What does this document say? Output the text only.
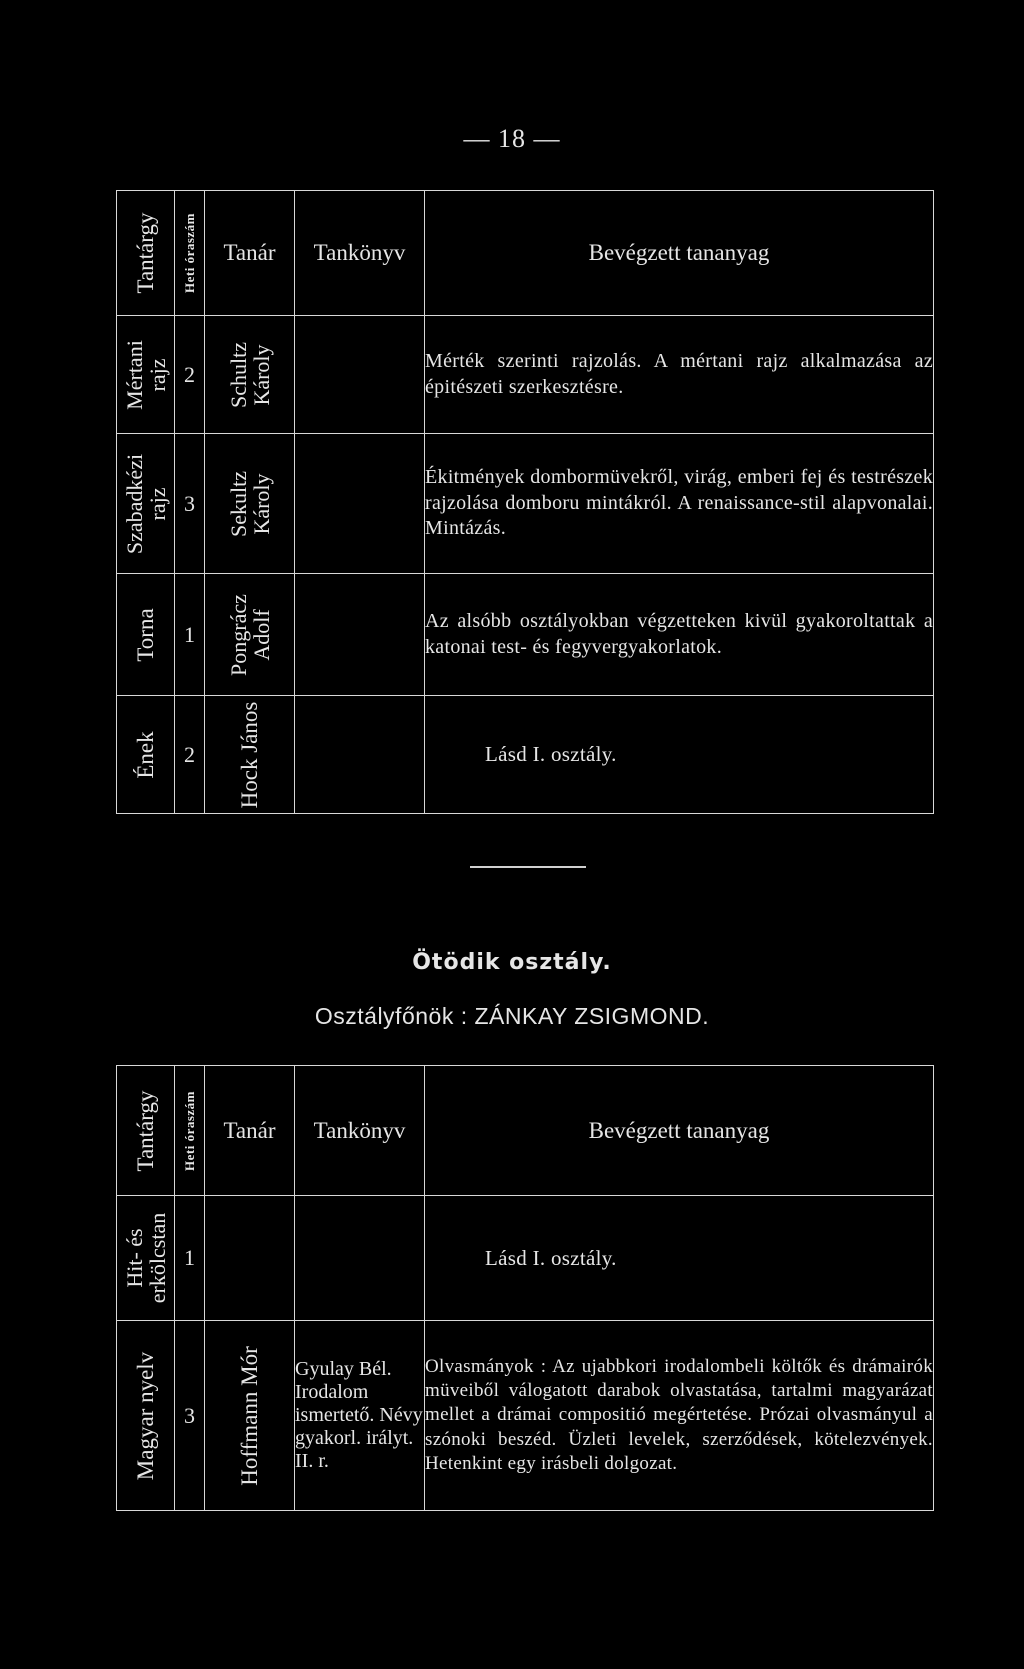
— 18 —
Tantárgy	Heti óraszám	Tanár	Tankönyv	Bevégzett tananyag

Mértani rajz	2	Schultz Károly		Mérték szerinti rajzolás. A mértani rajz alkalmazása az épitészeti szerkesztésre.

Szabadkézi rajz	3	Sekultz Károly		Ékitmények dombormüvekről, virág, emberi fej és testrészek rajzolása domboru mintákról. A renaissance-stil alapvonalai. Mintázás.

Torna	1	Pongrácz Adolf		Az alsóbb osztályokban végzetteken kivül gyakoroltattak a katonai test- és fegyvergyakorlatok.

Ének	2	Hock János		Lásd I. osztály.
Ötödik osztály.
Osztályfőnök : ZÁNKAY ZSIGMOND.
Tantárgy	Heti óraszám	Tanár	Tankönyv	Bevégzett tananyag

Hit- és erkölcstan	1			Lásd I. osztály.

Magyar nyelv	3	Hoffmann Mór	Gyulay Bél. Irodalom ismertető. Névy gyakorl. irályt. II. r.	Olvasmányok : Az ujabbkori irodalombeli költők és drámairók müveiből válogatott darabok olvastatása, tartalmi magyarázat mellet a drámai compositió megértetése. Prózai olvasmányul a szónoki beszéd. Üzleti levelek, szerződések, kötelezvények. Hetenkint egy irásbeli dolgozat.
